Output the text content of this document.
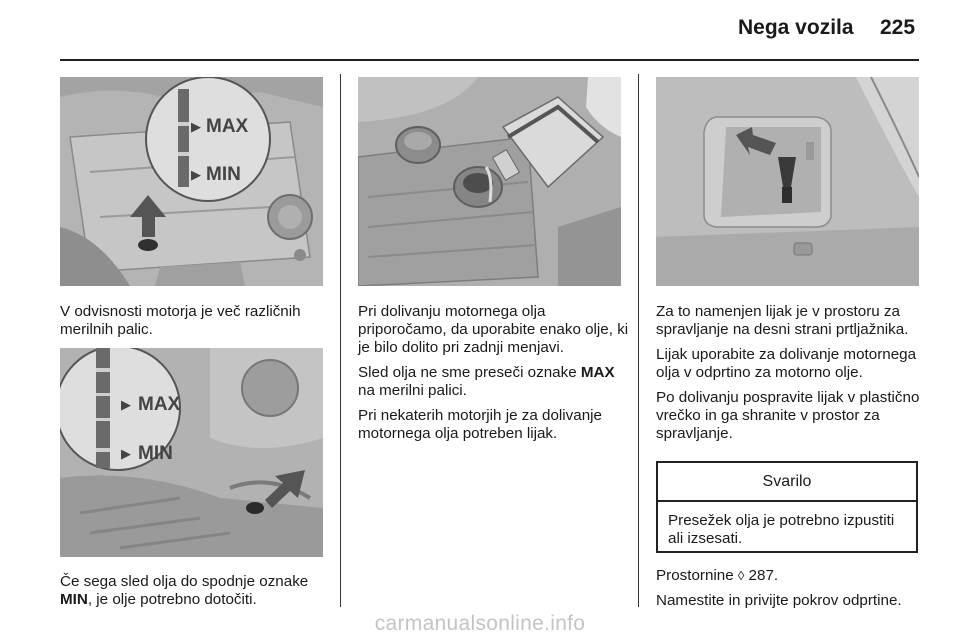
Nega vozila 225
▶ MAX
▶ MIN

V odvisnosti motorja je več različnih merilnih palic.

▶ MAX
▶ MIN

Če sega sled olja do spodnje oznake MIN, je olje potrebno dotočiti.

Pri dolivanju motornega olja priporočamo, da uporabite enako olje, ki je bilo dolito pri zadnji menjavi.

Sled olja ne sme preseči oznake MAX na merilni palici.

Pri nekaterih motorjih je za dolivanje motornega olja potreben lijak.

Za to namenjen lijak je v prostoru za spravljanje na desni strani prtljažnika.

Lijak uporabite za dolivanje motornega olja v odprtino za motorno olje.

Po dolivanju pospravite lijak v plastično vrečko in ga shranite v prostor za spravljanje.

Svarilo
Presežek olja je potrebno izpustiti ali izsesati.

Prostornine ◊ 287.

Namestite in privijte pokrov odprtine.

carmanualsonline.info
